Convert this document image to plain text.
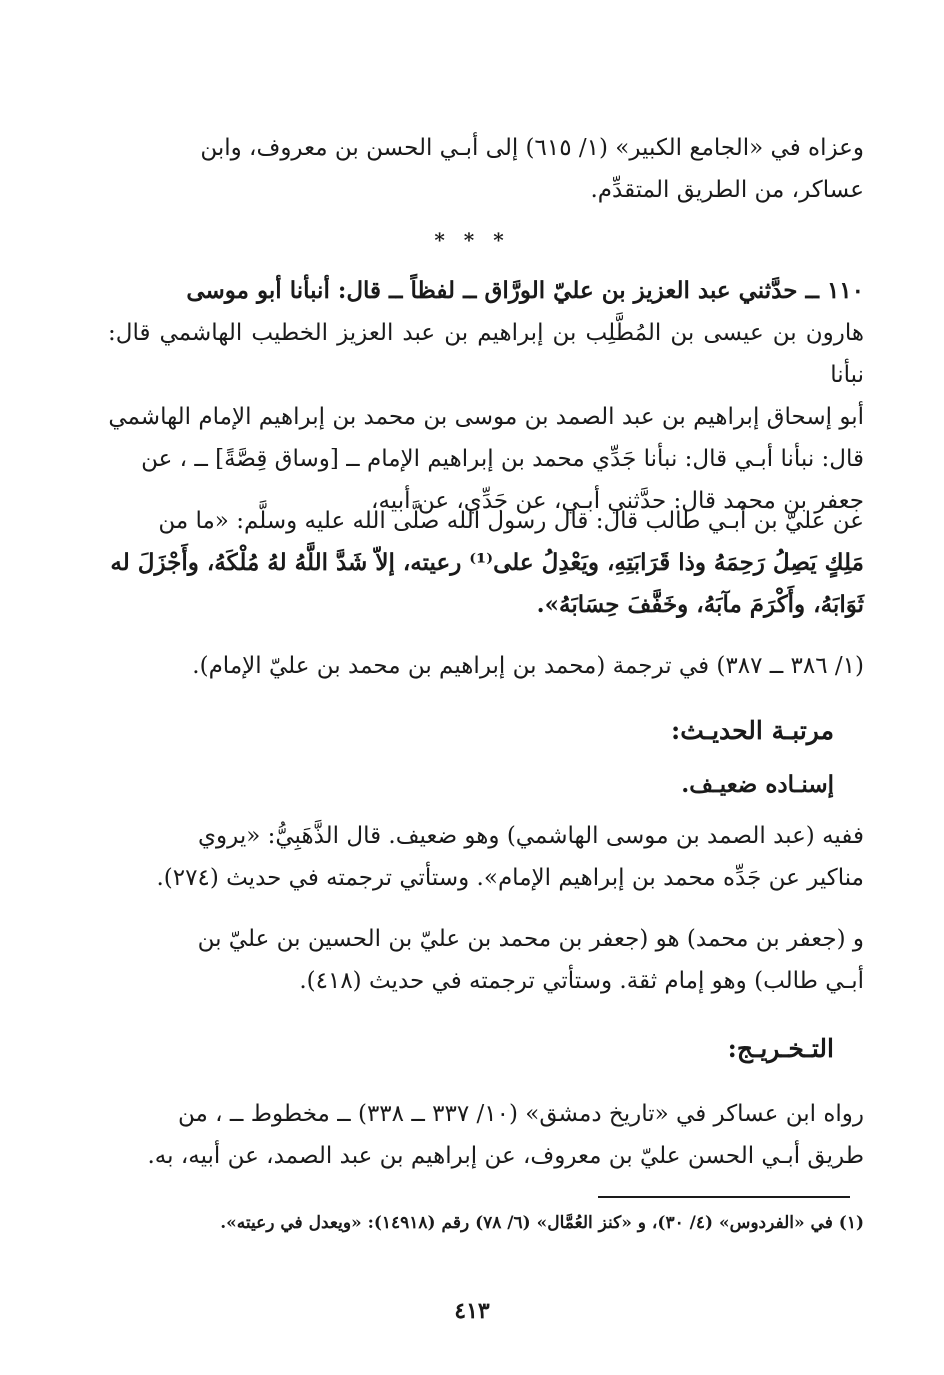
وعزاه في «الجامع الكبير» (١/ ٦١٥) إلى أبـي الحسن بن معروف، وابن

عساكر، من الطريق المتقدِّم.

* * *

١١٠ ــ حدَّثني عبد العزيز بن عليّ الورَّاق ــ لفظاً ــ قال: أنبأنا أبو موسى

هارون بن عيسى بن المُطَّلِب بن إبراهيم بن عبد العزيز الخطيب الهاشمي قال: نبأنا

أبو إسحاق إبراهيم بن عبد الصمد بن موسى بن محمد بن إبراهيم الإمام الهاشمي

قال: نبأنا أبـي قال: نبأنا جَدِّي محمد بن إبراهيم الإمام ــ [وساق قِصَّةً] ــ ، عن

جعفر بن محمد قال: حدَّثني أبـي، عن جَدِّي، عن أبيه،

عن عليّ بن أبـي طالب قال: قال رسول الله صلَّى الله عليه وسلَّم: «ما من

مَلِكٍ يَصِلُ رَحِمَهُ وذا قَرَابَتِهِ، ويَعْدِلُ على⁽¹⁾ رعيته، إلاّ شَدَّ اللَّهُ لهُ مُلْكَهُ، وأَجْزَلَ له

ثَوَابَهُ، وأَكْرَمَ مآبَهُ، وخَفَّفَ حِسَابَهُ».

(١/ ٣٨٦ ــ ٣٨٧) في ترجمة (محمد بن إبراهيم بن محمد بن عليّ الإمام).

مرتبـة الحديـث:

إسنـاده ضعيـف.

ففيه (عبد الصمد بن موسى الهاشمي) وهو ضعيف. قال الذَّهَبِيُّ: «يروي

مناكير عن جَدِّه محمد بن إبراهيم الإمام». وستأتي ترجمته في حديث (٢٧٤).

و (جعفر بن محمد) هو (جعفر بن محمد بن عليّ بن الحسين بن عليّ بن

أبـي طالب) وهو إمام ثقة. وستأتي ترجمته في حديث (٤١٨).

التـخـريـج:

رواه ابن عساكر في «تاريخ دمشق» (١٠/ ٣٣٧ ــ ٣٣٨) ــ مخطوط ــ ، من

طريق أبـي الحسن عليّ بن معروف، عن إبراهيم بن عبد الصمد، عن أبيه، به.

(١) في «الفردوس» (٤/ ٣٠)، و «كنز العُمَّال» (٦/ ٧٨) رقم (١٤٩١٨): «ويعدل في رعيته».

٤١٣
